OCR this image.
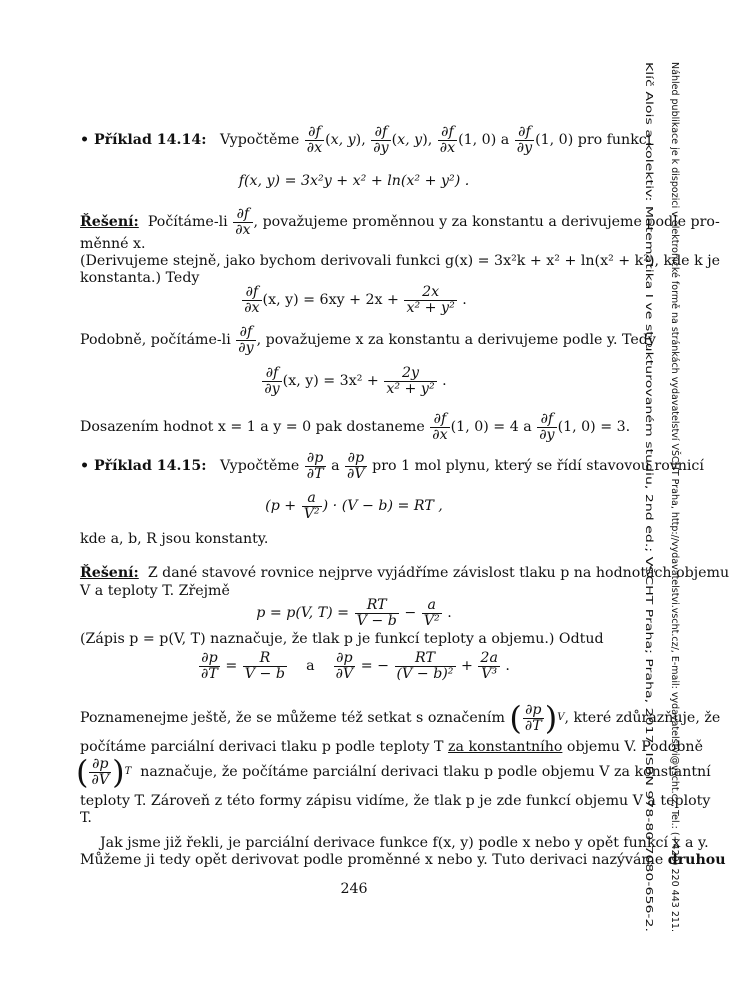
Klíč Alois a kolektiv: Matematika I ve strukturovaném studiu, 2nd ed.; VŠCHT Praha; Praha, 2017, ISBN 978-80-7080-656-2. Náhled publikace je k dispozici v elektronické formě na stránkách vydavatelství VŠCHT Praha, http://vydavatelstvi.vscht.cz/, E-mail: vydavatelstvi@vscht.cz, Tel.: (+420) 220 443 211.
• Příklad 14.14: Vypočtěme $\frac{\partial f}{\partial x} (x$, y), $\frac{\partial f}{\partial y} (x$, y), $\frac{\partial f}{\partial x} (1$, 0) a $\frac{\partial f}{\partial y} (1$, 0) pro funkci
f(x, y) = 3x²y + x² + ln(x² + y²) .
Řešení: Počítáme-li $\frac{\partial f}{\partial x}$ , považujeme proměnnou y za konstantu a derivujeme podle pro-
měnné x.
(Derivujeme stejně, jako bychom derivovali funkci g(x) = 3x²k + x² + ln(x² + k²), kde k je
konstanta.) Tedy
$\frac{\partial f}{\partial x} (x$, $y) = 6xy + 2x + \frac{2x}{\text{x² + y²}}$ .
Podobně, počítáme-li $\frac{\partial f}{\partial y}$ , považujeme x za konstantu a derivujeme podle y. Tedy
$\frac{\partial f}{\partial y} (x$, $y) = 3x^2 + \frac{2y}{\text{x² + y²}}$ .
Dosazením hodnot x = 1 a y = 0 pak dostaneme $\frac{\partial f}{\partial x} (1$, 0) = 4 a $\frac{\partial f}{\partial y} (1$, 0) = 3.
• Příklad 14.15: Vypočtěme $\frac{\partial p}{\partial T}$ a $\frac{\partial p}{\partial V}$ pro 1 mol plynu, který se řídí stavovou rovnicí
($p + \frac{a}{\text{V²}}$ ) · (V − b) = RT ,
kde a, b, R jsou konstanty.
Řešení: Z dané stavové rovnice nejprve vyjádříme závislost tlaku p na hodnotách objemu
V a teploty T. Zřejmě
p = p(V, $T) = \frac{RT}{V - b} - \frac{a}{\text{V²}}$ .
(Zápis p = p(V, T) naznačuje, že tlak p je funkcí teploty a objemu.) Odtud
$\frac{\partial p}{\partial T} = \frac{R}{V - b}$ a $\frac{\partial p}{\partial V}$ = − $\frac{RT}{\text{(V − b)²}} + \frac{2a}{\text{V³}}$ .
Poznamenejme ještě, že se můžeme též setkat s označením ( ∂p
∂T ) V , které zdůrazňuje, že
počítáme parciální derivaci tlaku p podle teploty T za konstantního objemu V. Podobně
( ∂p
∂V ) T naznačuje, že počítáme parciální derivaci tlaku p podle objemu V za konstantní
teploty T. Zároveň z této formy zápisu vidíme, že tlak p je zde funkcí objemu V a teploty
T.
Jak jsme již řekli, je parciální derivace funkce f(x, y) podle x nebo y opět funkcí x a y.
Můžeme ji tedy opět derivovat podle proměnné x nebo y. Tuto derivaci nazýváme druhou
246
